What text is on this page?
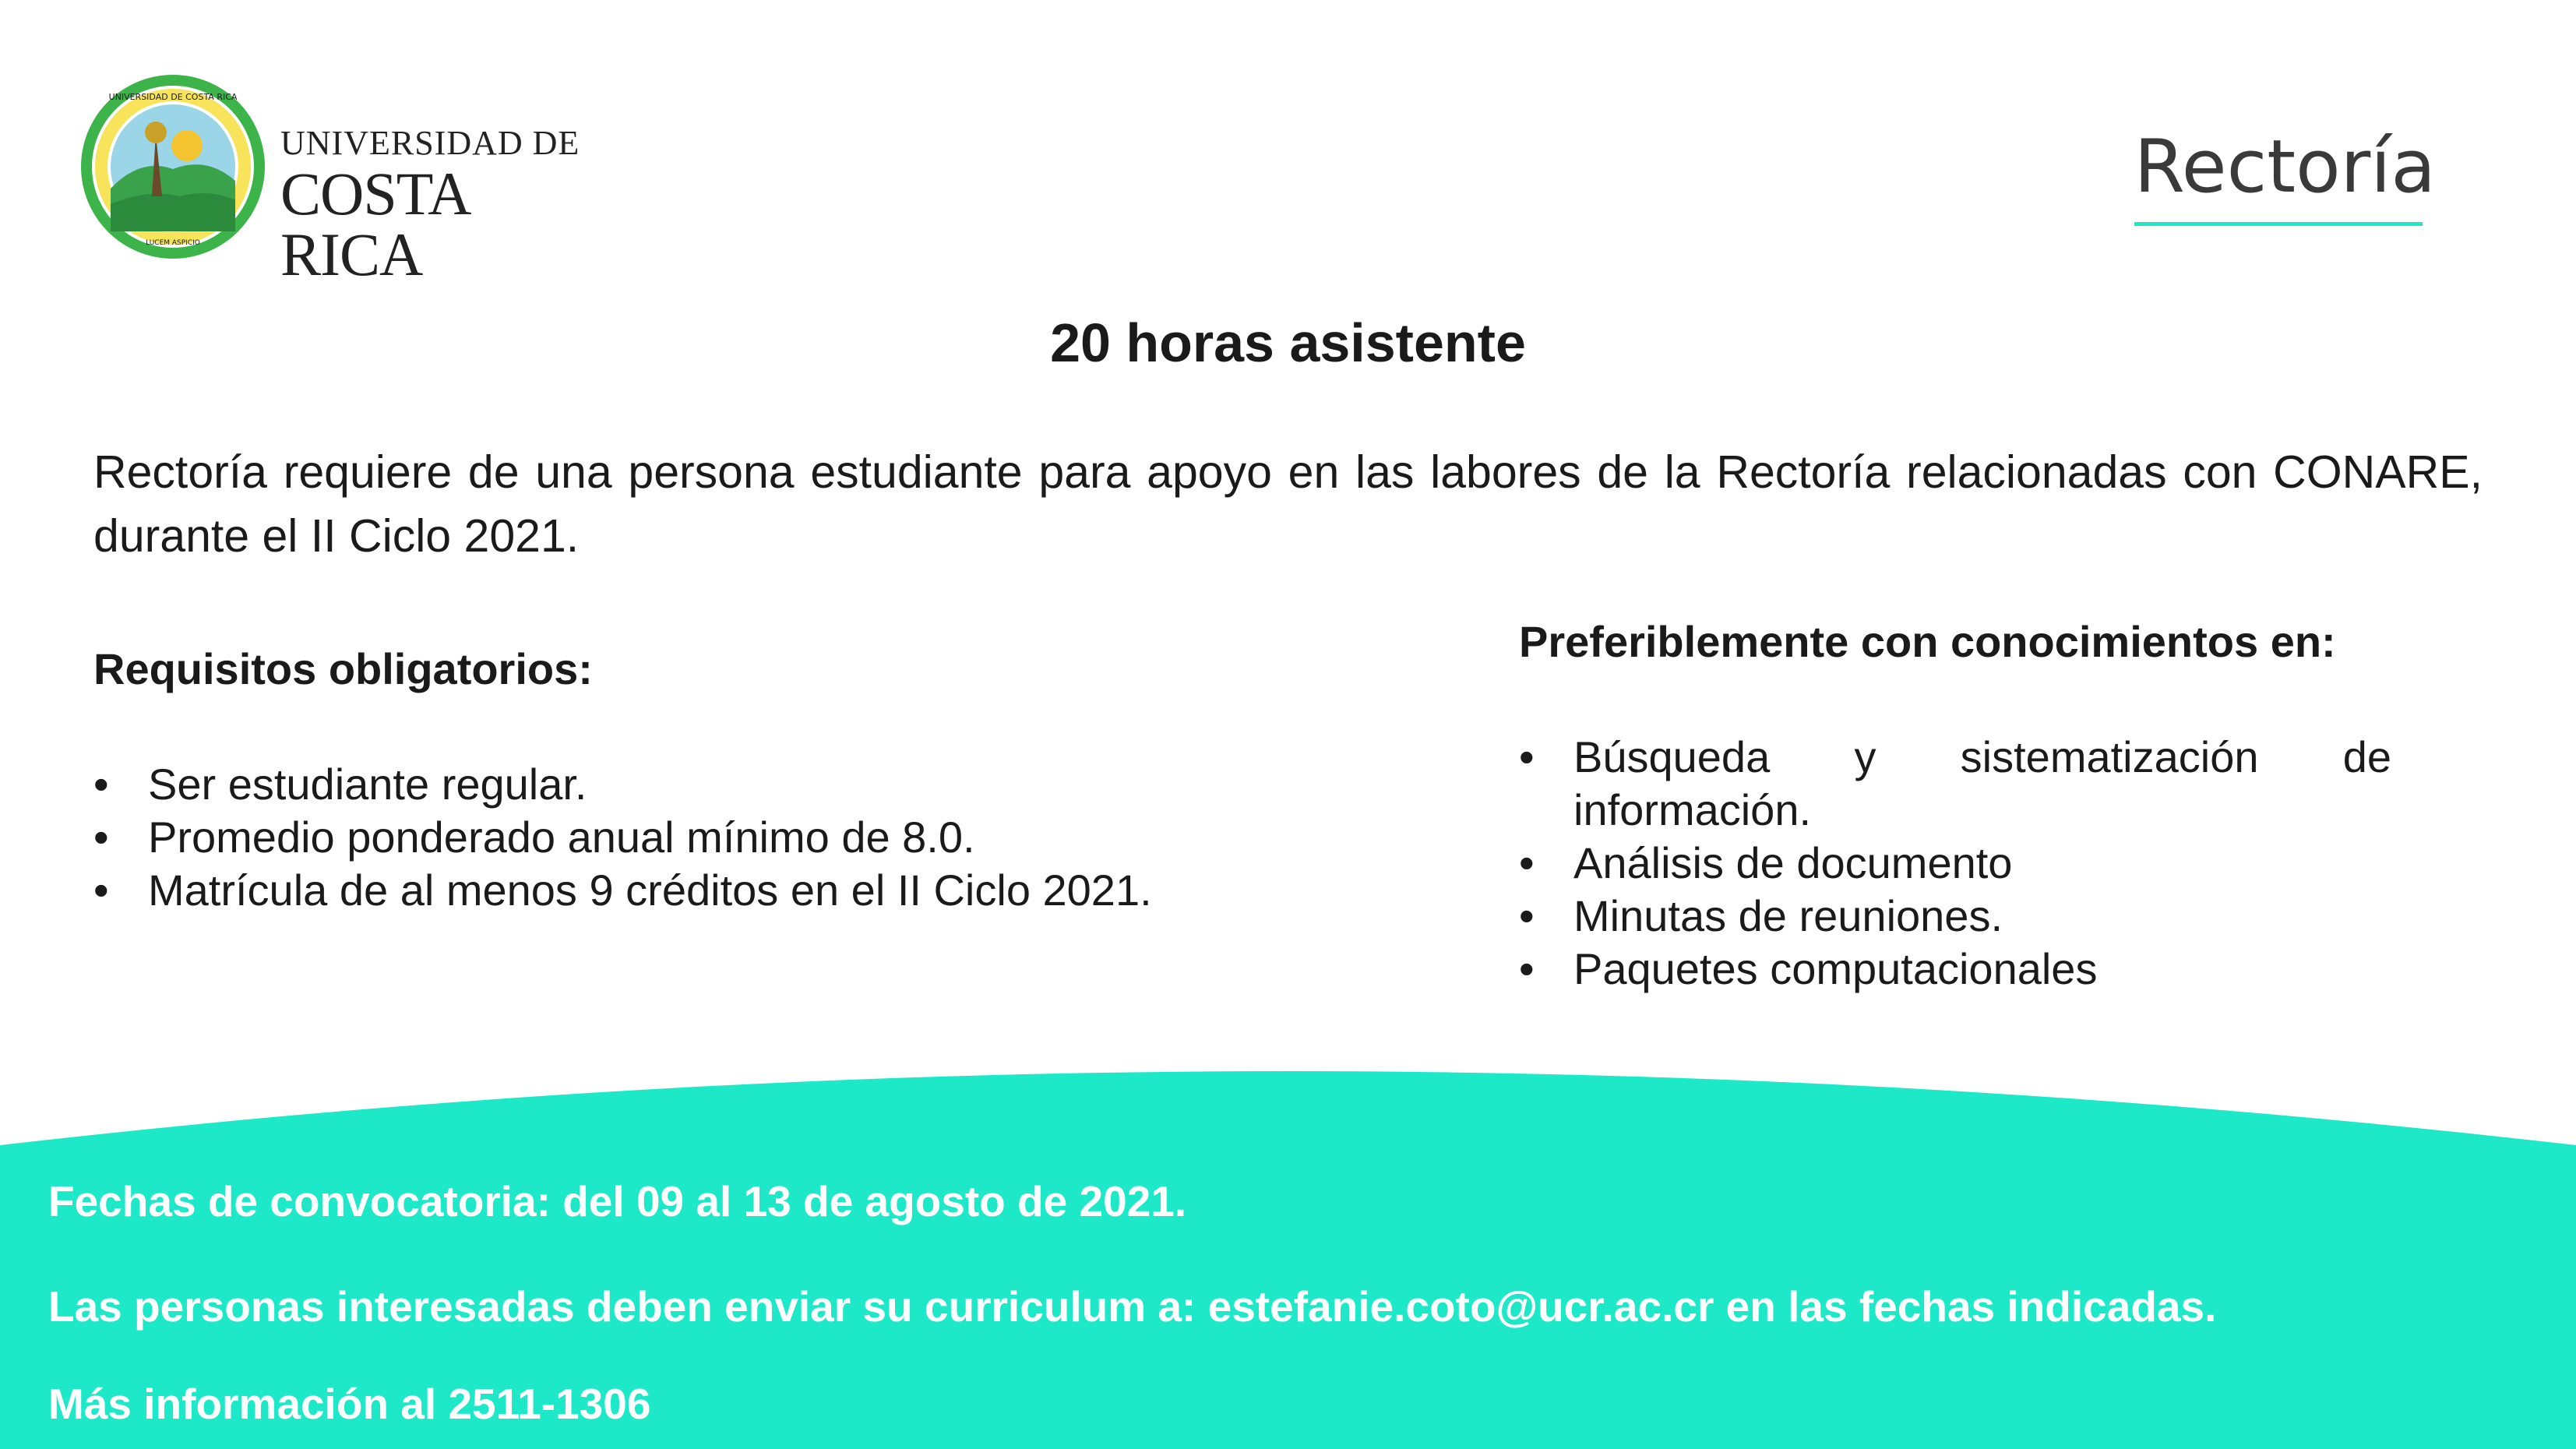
UNIVERSIDAD DE COSTA RICA
LUCEM ASPICIO
UNIVERSIDAD DE
COSTA RICA
Rectoría
20 horas asistente
Rectoría requiere de una persona estudiante para apoyo en las labores de la Rectoría relacionadas con CONARE, durante el II Ciclo 2021.
Requisitos obligatorios:
• Ser estudiante regular.
• Promedio ponderado anual mínimo de 8.0.
• Matrícula de al menos 9 créditos en el II Ciclo 2021.
Preferiblemente con conocimientos en:
• Búsqueda y sistematización de información.
• Análisis de documento
• Minutas de reuniones.
• Paquetes computacionales
Fechas de convocatoria: del 09 al 13 de agosto de 2021.
Las personas interesadas deben enviar su curriculum a: estefanie.coto@ucr.ac.cr en las fechas indicadas.
Más información al 2511-1306
